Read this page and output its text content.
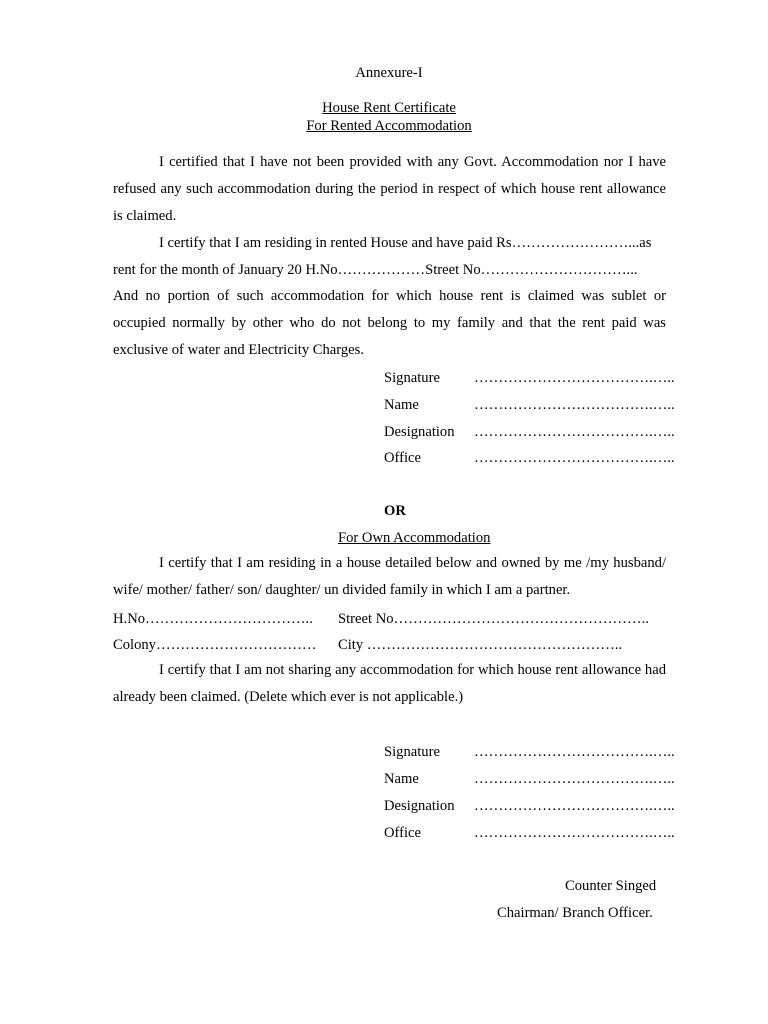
Annexure-I
House Rent Certificate
For Rented Accommodation
I certified that I have not been provided with any Govt. Accommodation nor I have refused any such accommodation during the period in respect of which house rent allowance is claimed.
I certify that I am residing in rented House and have paid Rs……………………...as
rent for the month of January 20 H.No………………Street No…………………………...
And no portion of such accommodation for which house rent is claimed was sublet or occupied normally by other who do not belong to my family and that the rent paid was exclusive of water and Electricity Charges.
Signature ……………………………….…..
Name	……………………………….…..
Designation ……………………………….…..
Office	……………………………….…..
OR
For Own Accommodation
I certify that I am residing in a house detailed below and owned by me /my husband/ wife/ mother/ father/ son/ daughter/ un divided family in which I am a partner.
H.No…………………………….. Street No……………………………………………..
Colony…………………………… City ……………………………………………..
I certify that I am not sharing any accommodation for which house rent allowance had already been claimed. (Delete which ever is not applicable.)
Signature ……………………………….…..
Name	……………………………….…..
Designation ……………………………….…..
Office	……………………………….…..
Counter Singed
Chairman/ Branch Officer.
